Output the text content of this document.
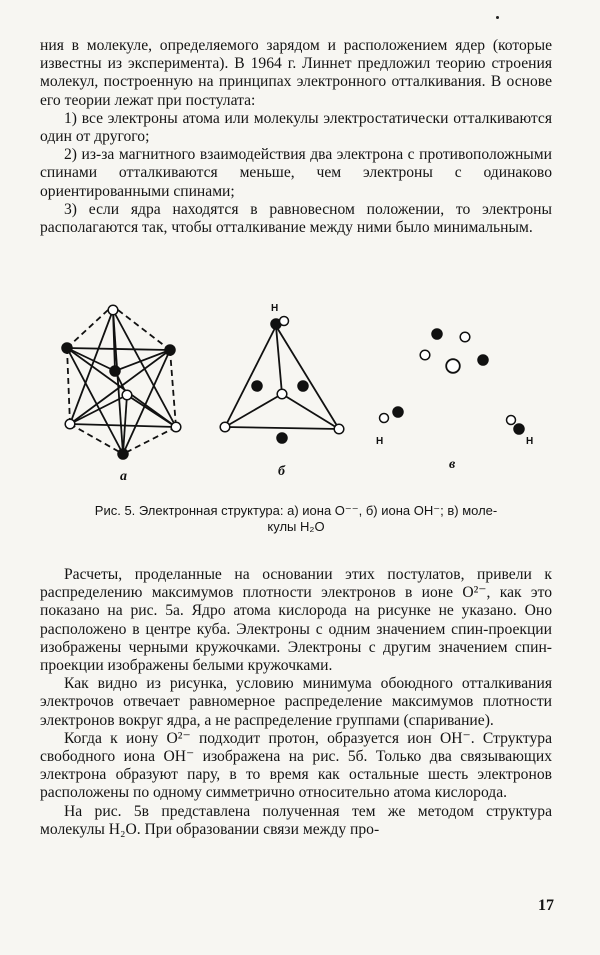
ния в молекуле, определяемого зарядом и расположением ядер (которые известны из эксперимента). В 1964 г. Линнет предложил теорию строения молекул, построенную на принципах электронного отталкивания. В основе его теории лежат при постулата:

1) все электроны атома или молекулы электростатически отталкиваются один от другого;

2) из-за магнитного взаимодействия два электрона с противоположными спинами отталкиваются меньше, чем электроны с одинаково ориентированными спинами;

3) если ядра находятся в равновесном положении, то электроны располагаются так, чтобы отталкивание между ними было минимальным.

а
Н
б
Н	Н
в
Рис. 5. Электронная структура: а) иона О⁻⁻, б) иона ОН⁻; в) моле-
кулы Н₂О

Расчеты, проделанные на основании этих постулатов, привели к распределению максимумов плотности электронов в ионе О²⁻, как это показано на рис. 5а. Ядро атома кислорода на рисунке не указано. Оно расположено в центре куба. Электроны с одним значением спин-проекции изображены черными кружочками. Электроны с другим значением спин-проекции изображены белыми кружочками.

Как видно из рисунка, условию минимума обоюдного отталкивания электрочов отвечает равномерное распределение максимумов плотности электронов вокруг ядра, а не распределение группами (спаривание).

Когда к иону О²⁻ подходит протон, образуется ион ОН⁻. Структура свободного иона ОН⁻ изображена на рис. 5б. Только два связывающих электрона образуют пару, в то время как остальные шесть электронов расположены по одному симметрично относительно атома кислорода.

На рис. 5в представлена полученная тем же методом структура молекулы Н₂О. При образовании связи между про-

17
